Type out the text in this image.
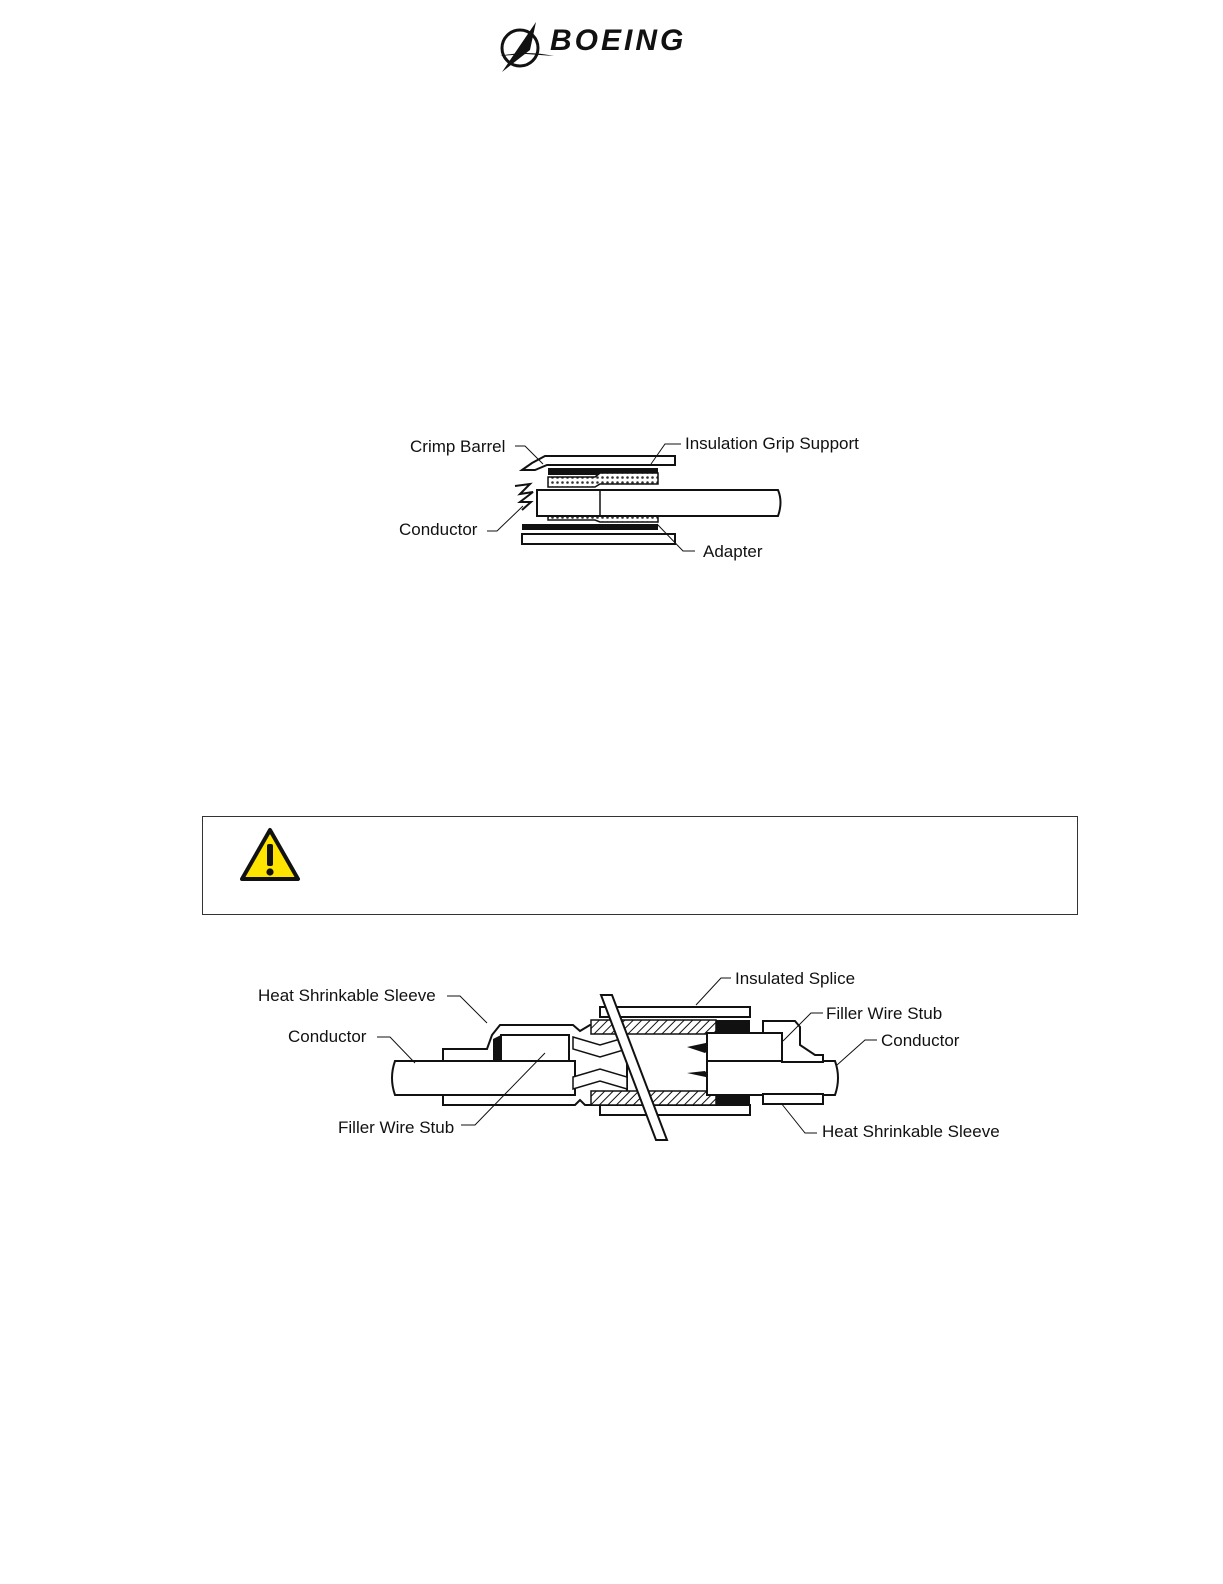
BOEING
Crimp Barrel	Insulation Grip Support
Conductor
Adapter
Heat Shrinkable Sleeve
Conductor
Filler Wire Stub
Insulated Splice
Filler Wire Stub
Conductor
Heat Shrinkable Sleeve
